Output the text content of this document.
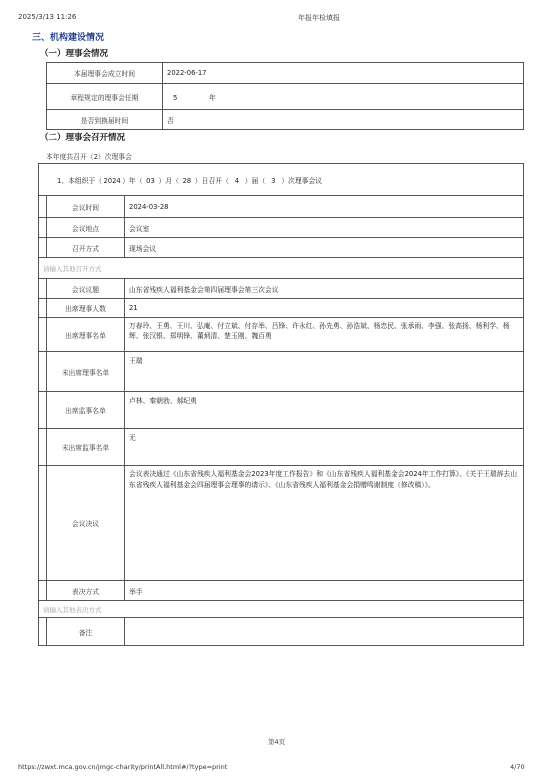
2025/3/13 11:26	年报年检填报
三、机构建设情况
（一）理事会情况
本届理事会成立时间	2022-06-17
章程规定的理事会任期	5 年
是否到换届时间	否
（二）理事会召开情况
本年度共召开（2）次理事会
1、本组织于（2024）年（ 03 ）月（ 28 ）日召开（ 4 ）届（ 3 ）次理事会议		
	会议时间	2024-03-28
	会议地点	会议室
	召开方式	现场会议
请输入其他召开方式		
	会议议题	山东省残疾人福利基金会第四届理事会第三次会议
	出席理事人数	21
	出席理事名单	万春玲、王勇、王川、弘庵、付立斌、付存举、吕锋、许永红、孙先勇、孙浩斌、杨忠民、张承雨、李强、张高扬、杨利学、杨辉、张汉银、郑明锋、董炳清、楚玉刚、魏百勇
	未出席理事名单	王瑞
	出席监事名单	卢林、秦朝勃、郝纪勇
	未出席监事名单	无
	会议决议	会议表决通过《山东省残疾人福利基金会2023年度工作报告》和《山东省残疾人福利基金会2024年工作打算》、《关于王瑞辞去山东省残疾人福利基金会四届理事会理事的请示》、《山东省残疾人福利基金会捐赠鸣谢制度（修改稿）》。
	表决方式	举手
请输入其他表决方式		
	备注	
第4页
https://zwxt.mca.gov.cn/jmgc-charity/printAll.html#/?type=print	4/70
